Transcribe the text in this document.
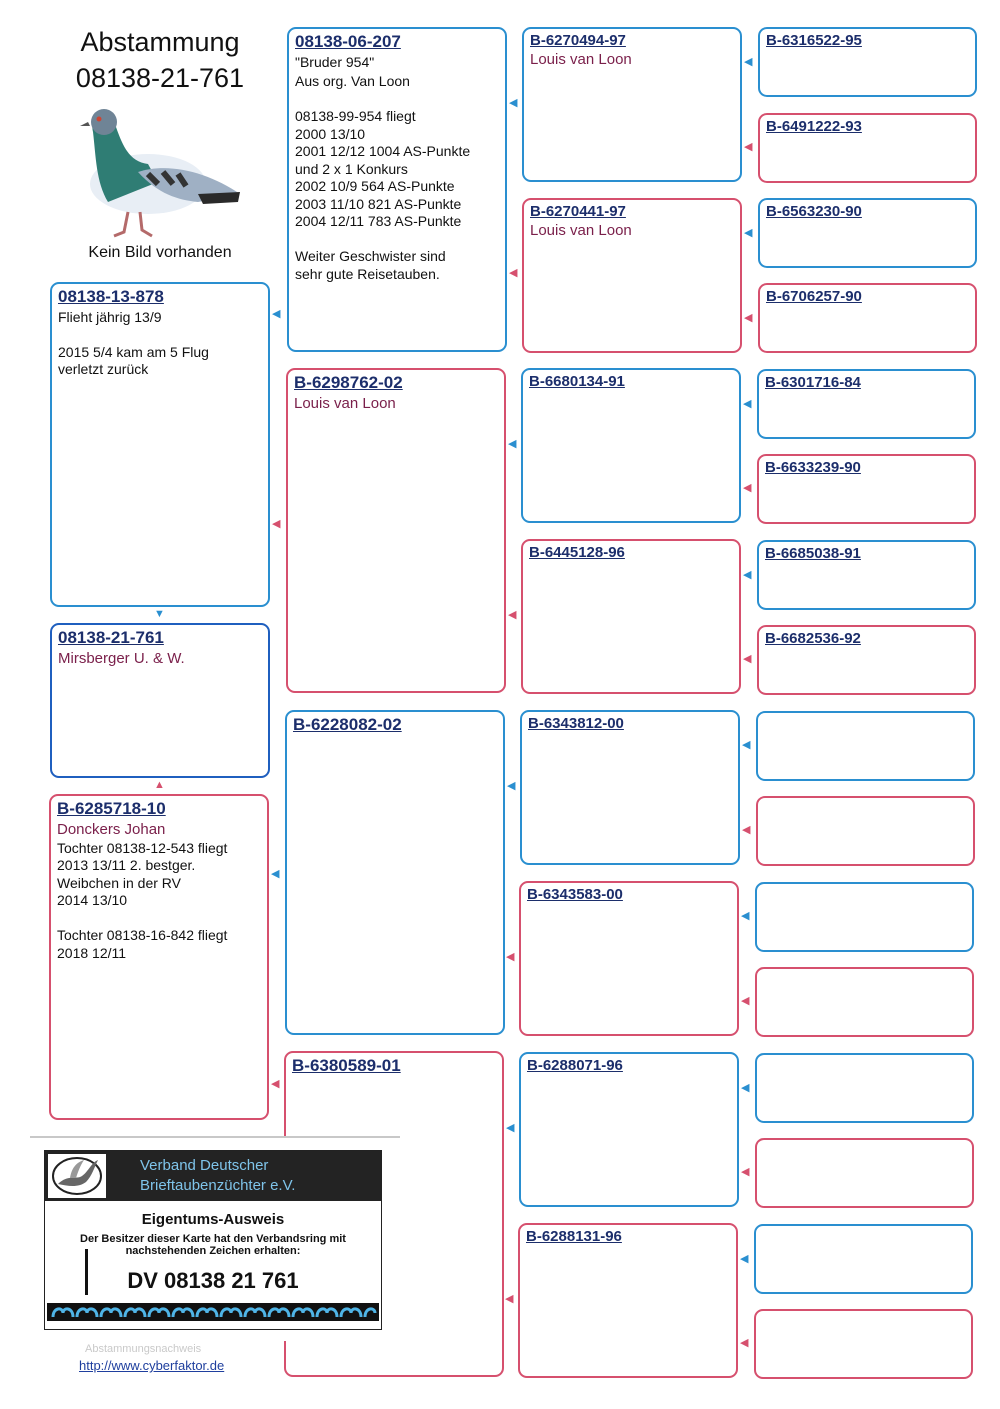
Abstammung
08138-21-761
Kein Bild vorhanden
08138-13-878
Flieht jährig 13/9

2015 5/4 kam am 5 Flug
verletzt zurück
08138-21-761
Mirsberger U. & W.
B-6285718-10
Donckers Johan
Tochter 08138-12-543 fliegt
2013 13/11 2. bestger.
Weibchen in der RV
2014 13/10

Tochter 08138-16-842 fliegt
2018 12/11
08138-06-207
"Bruder 954"
Aus org. Van Loon

08138-99-954 fliegt
2000 13/10
2001 12/12 1004 AS-Punkte
und 2 x 1 Konkurs
2002 10/9 564 AS-Punkte
2003 11/10 821 AS-Punkte
2004 12/11 783 AS-Punkte

Weiter Geschwister sind
sehr gute Reisetauben.
B-6298762-02
Louis van Loon
B-6228082-02
B-6380589-01
B-6270494-97
Louis van Loon
B-6270441-97
Louis van Loon
B-6680134-91
B-6445128-96
B-6343812-00
B-6343583-00
B-6288071-96
B-6288131-96
B-6316522-95
B-6491222-93
B-6563230-90
B-6706257-90
B-6301716-84
B-6633239-90
B-6685038-91
B-6682536-92
◀
◀
▼
▲
◀
◀
◀
◀
◀
◀
◀
◀
◀
◀
◀
◀
◀
◀
◀
◀
◀
◀
◀
◀
◀
◀
◀
◀
◀
◀
Verband Deutscher
Brieftaubenzüchter e.V.
Eigentums-Ausweis
Der Besitzer dieser Karte hat den Verbandsring mit nachstehenden Zeichen erhalten:
DV 08138 21 761
Abstammungsnachweis
http://www.cyberfaktor.de
